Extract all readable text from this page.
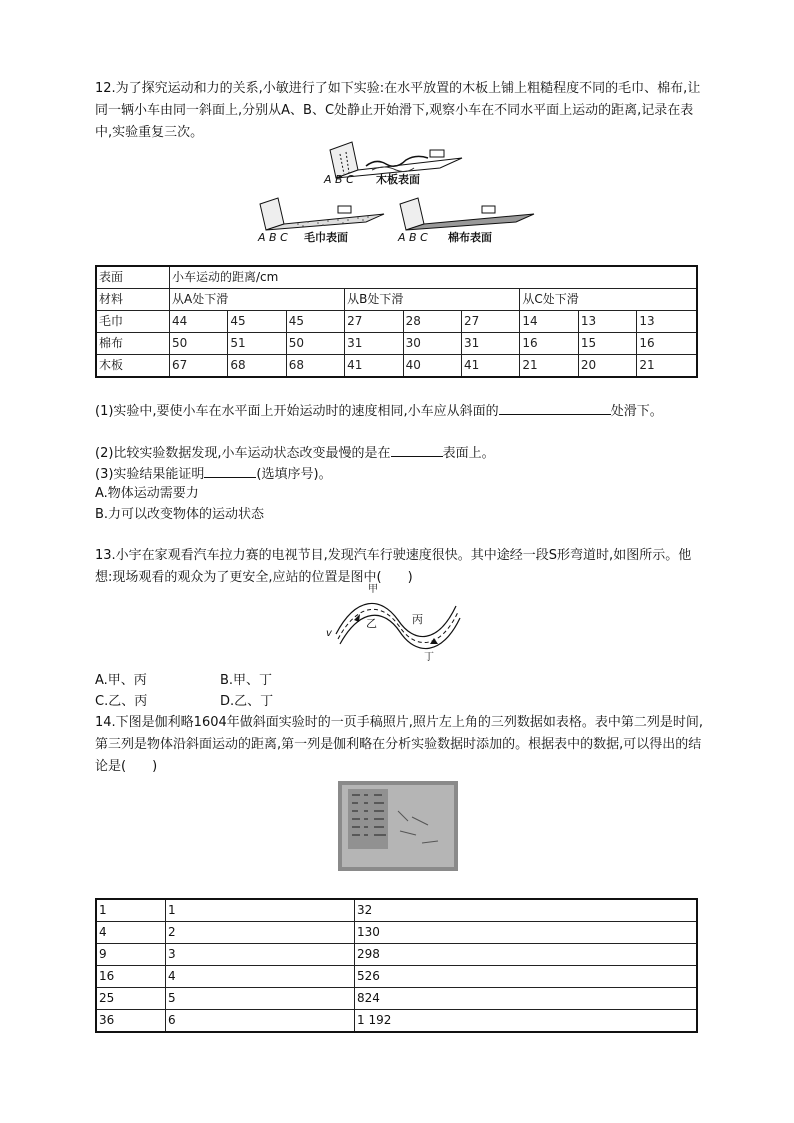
12.为了探究运动和力的关系,小敏进行了如下实验:在水平放置的木板上铺上粗糙程度不同的毛巾、棉布,让同一辆小车由同一斜面上,分别从A、B、C处静止开始滑下,观察小车在不同水平面上运动的距离,记录在表中,实验重复三次。

A B C 木板表面
A B C 毛巾表面	A B C 棉布表面
表面	小车运动的距离/cm								
材料	从A处下滑			从B处下滑			从C处下滑		
毛巾	44	45	45	27	28	27	14	13	13
棉布	50	51	50	31	30	31	16	15	16
木板	67	68	68	41	40	41	21	20	21
(1)实验中,要使小车在水平面上开始运动时的速度相同,小车应从斜面的	处滑下。
(2)比较实验数据发现,小车运动状态改变最慢的是在	表面上。
(3)实验结果能证明	(选填序号)。
A.物体运动需要力
B.力可以改变物体的运动状态

13.小宇在家观看汽车拉力赛的电视节目,发现汽车行驶速度很快。其中途经一段S形弯道时,如图所示。他想:现场观看的观众为了更安全,应站的位置是图中(　　)

甲
乙	丙
丁
v
A.甲、丙	B.甲、丁
C.乙、丙	D.乙、丁

14.下图是伽利略1604年做斜面实验时的一页手稿照片,照片左上角的三列数据如表格。表中第二列是时间,第三列是物体沿斜面运动的距离,第一列是伽利略在分析实验数据时添加的。根据表中的数据,可以得出的结论是(　　)

1	1	32
4	2	130
9	3	298
16	4	526
25	5	824
36	6	1 192
